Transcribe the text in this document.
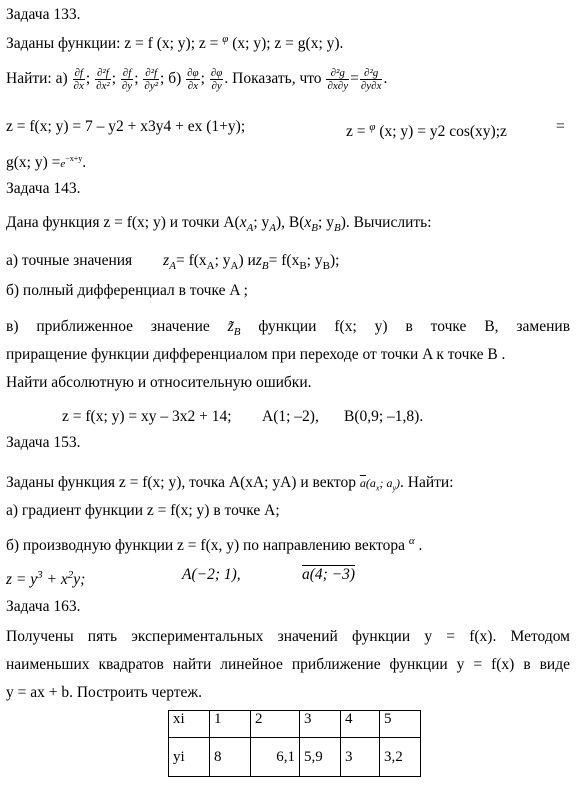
Задача 133.
Заданы функции: z = f (x; y); z = $^\varphi$ (x; y); z = g(x; y).
Найти: $а) \frac{\partial f}{\partial x}$ ; $\frac{\text{∂²f}}{\text{∂x²}}$ ; $\frac{\partial f}{\partial y}$ ; $\frac{\text{∂²f}}{\text{∂y²}}$ ; $б) \frac{\partial\varphi}{\partial x}$ ; $\frac{\partial\varphi}{\partial y}$ . Показать, что $\frac{\text{∂²g}}{\partial x\partial y} = \frac{\text{∂²g}}{\partial y\partial x}$ .
z = f(x; y) = 7 – y2 + x3y4 + ex (1+y);	z = $^\varphi$ (x; y) = y2 cos(xy);z	=
g(x; $y) =e^{-x+y}$.
Задача 143.
Дана функция z = f(x; y) и точки $A(x_A$; $y_A$), $B(x_B$; $y_B$). Вычислить:
а) точные значения $z_A= f(x_A$; $y_A$) $иz_B= f(x_B$; $y_B$);
б) полный дифференциал в точке A ;
в) приближенное значение $z̃_B$ функции f(x; y) в точке B, заменив
приращение функции дифференциалом при переходе от точки A к точке B .
Найти абсолютную и относительную ошибки.
z = f(x; y) = xy – 3x2 + 14; A(1; –2), B(0,9; –1,8).
Задача 153.
Заданы функция z = f(x; y), точка A(xA; yA) и вектор $\overline{a}(a_x$; $a_y$). Найти:
а) градиент функции z = f(x; y) в точке A;
б) производную функции z = f(x, y) по направлению вектора $^\alpha$ .
$z = y^3 + x^2y$;	A(−2; 1),	a(4; −3)
Задача 163.
Получены пять экспериментальных значений функции y = f(x). Методом
наименьших квадратов найти линейное приближение функции y = f(x) в виде
y = ax + b. Построить чертеж.
xi	1	2	3	4	5
yi	8	6,1	5,9	3	3,2
